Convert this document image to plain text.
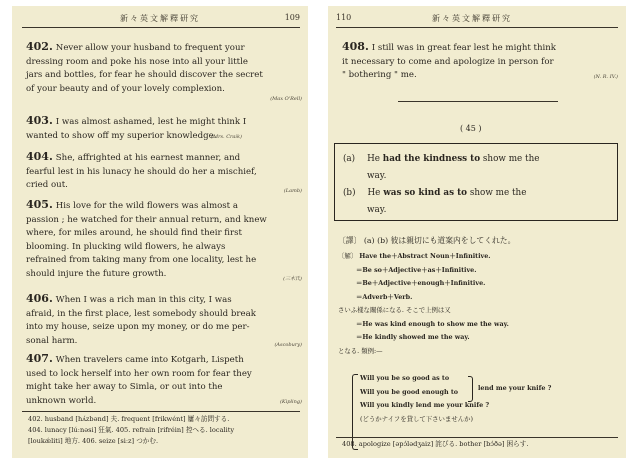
新々英文解釋研究	109
402. Never allow your husband to frequent your
dressing room and poke his nose into all your little
jars and bottles, for fear he should discover the secret
of your beauty and of your lovely complexion.
(Max O'Rell)
403. I was almost ashamed, lest he might think I
wanted to show off my superior knowledge.
(Mrs. Craik)
404. She, affrighted at his earnest manner, and
fearful lest in his lunacy he should do her a mischief,
cried out.
(Lamb)
405. His love for the wild flowers was almost a
passion ; he watched for their annual return, and knew
where, for miles around, he should find their first
blooming. In plucking wild flowers, he always
refrained from taking many from one locality, lest he
should injure the future growth.	(三木氏)
406. When I was a rich man in this city, I was
afraid, in the first place, lest somebody should break
into my house, seize upon my money, or do me per-
sonal harm.	(Ascobury)
407. When travelers came into Kotgarh, Lispeth
used to lock herself into her own room for fear they
might take her away to Simla, or out into the
unknown world.	(Kipling)
402. husband [hʌ́zbənd] 夫. frequent [frikwént] 屢々訪問する.
404. lunacy [lúːnəsi] 狂氣. 405. refrain [rifréin] 控へる. locality
[loukǽliti] 地方. 406. seize [siːz] つかむ.
110	新々英文解釋研究
408. I still was in great fear lest he might think
it necessary to come and apologize in person for
" bothering " me.	(N. R. IV.)
( 45 )
(a) He had the kindness to show me the
way.
(b) He was so kind as to show me the
way.
〔譯〕 (a) (b) 彼は親切にも道案内をしてくれた。
〔解〕 Have the＋Abstract Noun＋Infinitive.
＝Be so＋Adjective＋as＋Infinitive.
＝Be＋Adjective＋enough＋Infinitive.
＝Adverb＋Verb.
さいふ樣な關係になる. そこで上例は又
＝He was kind enough to show me the way.
＝He kindly showed me the way.
となる. 類例:—
Will you be so good as to
Will you be good enough to
Will you kindly lend me your knife ?
(どうかナイフを貸して下さいませんか)
lend me your knife ?
408. apologize [əpɔ́lədʒaiz] 詫びる. bother [bɔ́ðə] 困らす.
